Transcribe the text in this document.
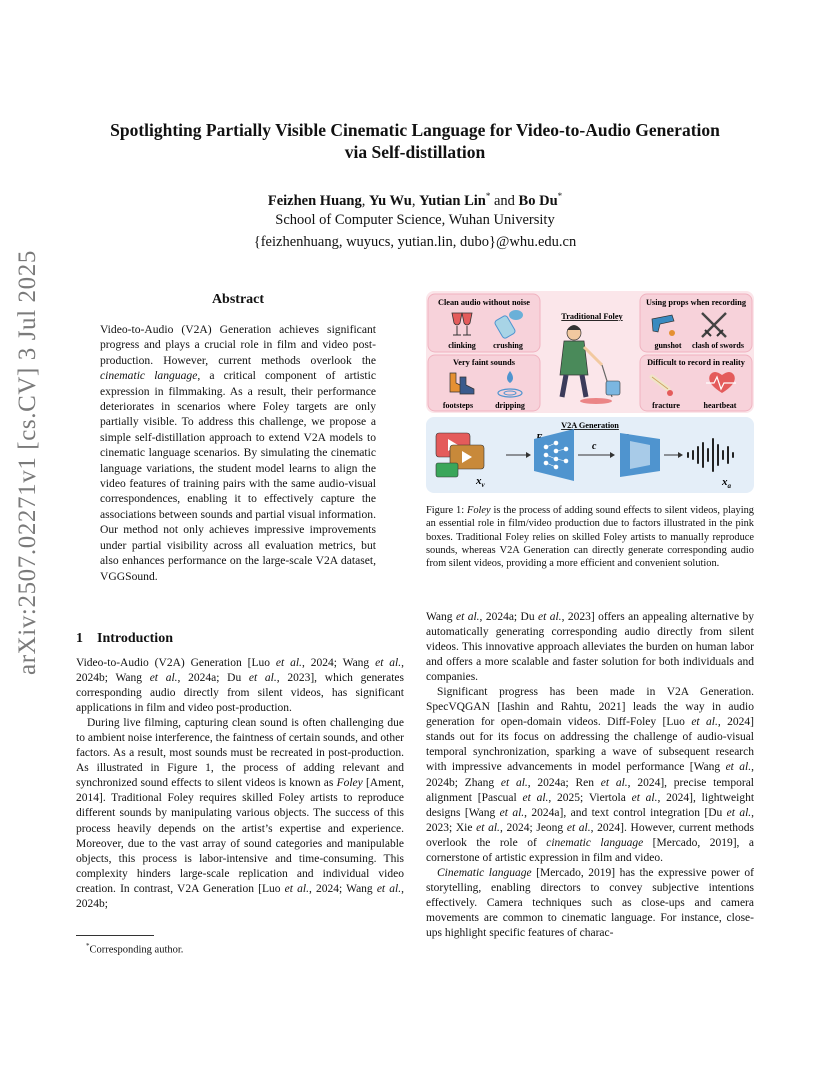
arXiv:2507.02271v1 [cs.CV] 3 Jul 2025
Spotlighting Partially Visible Cinematic Language for Video-to-Audio Generation
via Self-distillation
Feizhen Huang, Yu Wu, Yutian Lin* and Bo Du*
School of Computer Science, Wuhan University
{feizhenhuang, wuyucs, yutian.lin, dubo}@whu.edu.cn
Abstract
Video-to-Audio (V2A) Generation achieves significant progress and plays a crucial role in film and video post-production. However, current methods overlook the cinematic language, a critical component of artistic expression in filmmaking. As a result, their performance deteriorates in scenarios where Foley targets are only partially visible. To address this challenge, we propose a simple self-distillation approach to extend V2A models to cinematic language scenarios. By simulating the cinematic language variations, the student model learns to align the video features of training pairs with the same audio-visual correspondences, enabling it to effectively capture the associations between sounds and partial visual information. Our method not only achieves impressive improvements under partial visibility across all evaluation metrics, but also enhances performance on the large-scale V2A dataset, VGGSound.
1 Introduction

Video-to-Audio (V2A) Generation [Luo et al., 2024; Wang et al., 2024b; Wang et al., 2024a; Du et al., 2023], which generates corresponding audio directly from silent videos, has significant applications in film and video post-production.

During live filming, capturing clean sound is often challenging due to ambient noise interference, the faintness of certain sounds, and other factors. As a result, most sounds must be recreated in post-production. As illustrated in Figure 1, the process of adding relevant and synchronized sound effects to silent videos is known as Foley [Ament, 2014]. Traditional Foley requires skilled Foley artists to reproduce different sounds by manipulating various objects. The success of this process heavily depends on the artist’s expertise and experience. Moreover, due to the vast array of sound categories and manipulable objects, this process is labor-intensive and time-consuming. This complexity hinders large-scale replication and individual video creation. In contrast, V2A Generation [Luo et al., 2024; Wang et al., 2024b;

Wang et al., 2024a; Du et al., 2023] offers an appealing alternative by automatically generating corresponding audio directly from silent videos. This innovative approach alleviates the burden on human labor and offers a more scalable and faster solution for both individuals and companies.

Significant progress has been made in V2A Generation. SpecVQGAN [Iashin and Rahtu, 2021] leads the way in audio generation for open-domain videos. Diff-Foley [Luo et al., 2024] stands out for its focus on addressing the challenge of audio-visual temporal synchronization, sparking a wave of subsequent research with impressive advancements in model performance [Wang et al., 2024b; Zhang et al., 2024a; Ren et al., 2024], precise temporal alignment [Pascual et al., 2025; Viertola et al., 2024], lightweight designs [Wang et al., 2024a], and text control integration [Du et al., 2023; Xie et al., 2024; Jeong et al., 2024]. However, current methods overlook the role of cinematic language [Mercado, 2019], a cornerstone of artistic expression in film and video.

Cinematic language [Mercado, 2019] has the expressive power of storytelling, enabling directors to convey subjective intentions effectively. Camera techniques such as close-ups and camera movements are common to cinematic language. For instance, close-ups highlight specific features of charac-

*Corresponding author.
Clean audio without noise
clinking crushing
Very faint sounds
footsteps	dripping
Traditional Foley
Using props when recording
gunshot clash of swords
Difficult to record in reality
fracture	heartbeat
V2A Generation
$x_v$
c
$x_a$
Figure 1: Foley is the process of adding sound effects to silent videos, playing an essential role in film/video production due to factors illustrated in the pink boxes. Traditional Foley relies on skilled Foley artists to manually reproduce sounds, whereas V2A Generation can directly generate corresponding audio from silent videos, providing a more efficient and convenient solution.
